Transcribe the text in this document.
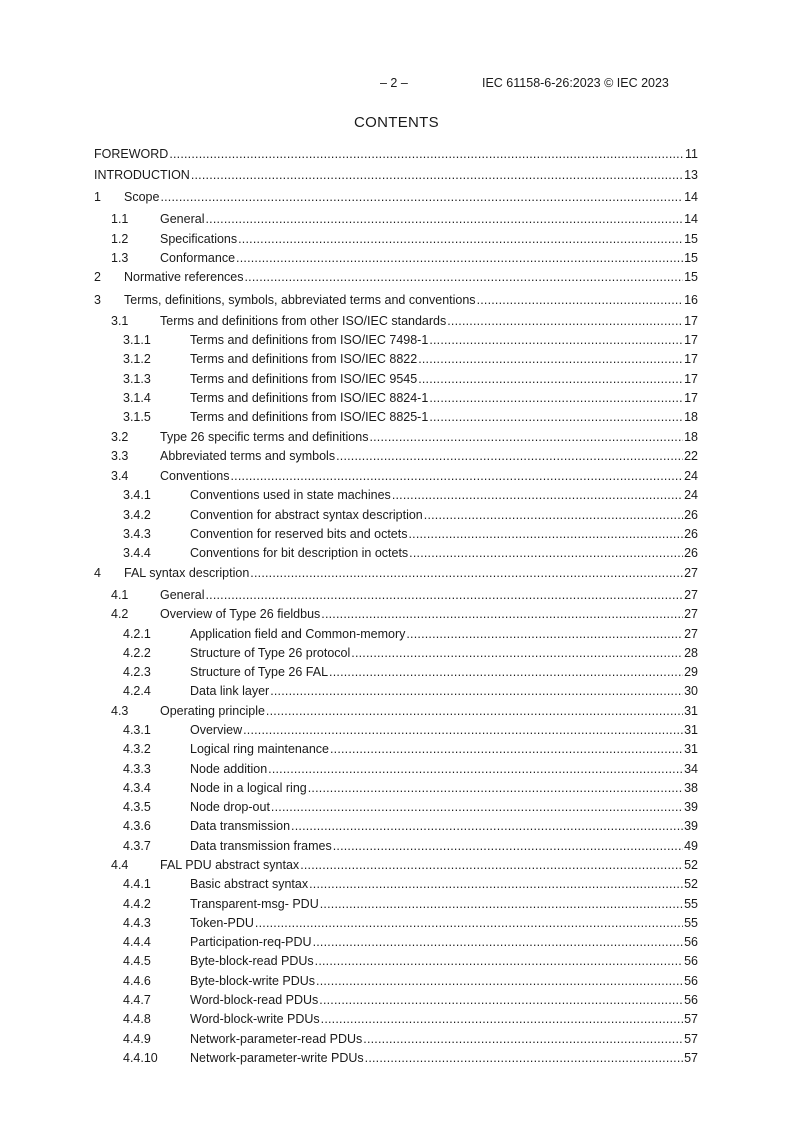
– 2 –	IEC 61158-6-26:2023 © IEC 2023
CONTENTS
FOREWORD .....	11
INTRODUCTION .....	13
1 Scope .....	14
1.1	General .....	14
1.2	Specifications .....	15
1.3	Conformance .....	15
2 Normative references .....	15
3 Terms, definitions, symbols, abbreviated terms and conventions .....	16
3.1	Terms and definitions from other ISO/IEC standards .....	17
3.1.1	Terms and definitions from ISO/IEC 7498-1 .....	17
3.1.2	Terms and definitions from ISO/IEC 8822 .....	17
3.1.3	Terms and definitions from ISO/IEC 9545 .....	17
3.1.4	Terms and definitions from ISO/IEC 8824-1 .....	17
3.1.5	Terms and definitions from ISO/IEC 8825-1 .....	18
3.2	Type 26 specific terms and definitions .....	18
3.3	Abbreviated terms and symbols .....	22
3.4	Conventions .....	24
3.4.1	Conventions used in state machines .....	24
3.4.2	Convention for abstract syntax description .....	26
3.4.3	Convention for reserved bits and octets .....	26
3.4.4	Conventions for bit description in octets .....	26
4 FAL syntax description .....	27
4.1	General .....	27
4.2	Overview of Type 26 fieldbus .....	27
4.2.1	Application field and Common-memory .....	27
4.2.2	Structure of Type 26 protocol .....	28
4.2.3	Structure of Type 26 FAL .....	29
4.2.4	Data link layer .....	30
4.3	Operating principle .....	31
4.3.1	Overview .....	31
4.3.2	Logical ring maintenance .....	31
4.3.3	Node addition .....	34
4.3.4	Node in a logical ring .....	38
4.3.5	Node drop-out .....	39
4.3.6	Data transmission .....	39
4.3.7	Data transmission frames .....	49
4.4	FAL PDU abstract syntax .....	52
4.4.1	Basic abstract syntax .....	52
4.4.2	Transparent-msg- PDU .....	55
4.4.3	Token-PDU .....	55
4.4.4	Participation-req-PDU .....	56
4.4.5	Byte-block-read PDUs .....	56
4.4.6	Byte-block-write PDUs .....	56
4.4.7	Word-block-read PDUs .....	56
4.4.8	Word-block-write PDUs .....	57
4.4.9	Network-parameter-read PDUs .....	57
4.4.10	Network-parameter-write PDUs .....	57
